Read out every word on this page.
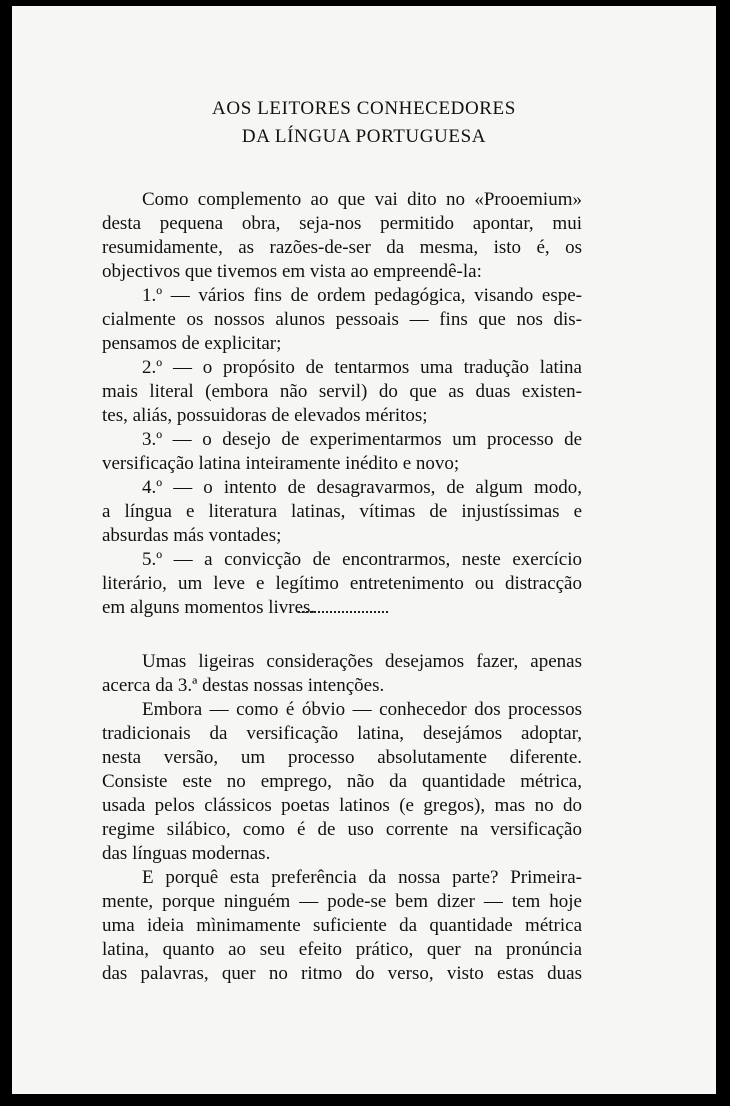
AOS LEITORES CONHECEDORES
DA LÍNGUA PORTUGUESA
Como complemento ao que vai dito no «Prooemium»
desta pequena obra, seja-nos permitido apontar, mui
resumidamente, as razões-de-ser da mesma, isto é, os
objectivos que tivemos em vista ao empreendê-la:
1.º — vários fins de ordem pedagógica, visando espe-
cialmente os nossos alunos pessoais — fins que nos dis-
pensamos de explicitar;
2.º — o propósito de tentarmos uma tradução latina
mais literal (embora não servil) do que as duas existen-
tes, aliás, possuidoras de elevados méritos;
3.º — o desejo de experimentarmos um processo de
versificação latina inteiramente inédito e novo;
4.º — o intento de desagravarmos, de algum modo,
a língua e literatura latinas, vítimas de injustíssimas e
absurdas más vontades;
5.º — a convicção de encontrarmos, neste exercício
literário, um leve e legítimo entretenimento ou distracção
em alguns momentos livres.
Umas ligeiras considerações desejamos fazer, apenas
acerca da 3.ª destas nossas intenções.
Embora — como é óbvio — conhecedor dos processos
tradicionais da versificação latina, desejámos adoptar,
nesta versão, um processo absolutamente diferente.
Consiste este no emprego, não da quantidade métrica,
usada pelos clássicos poetas latinos (e gregos), mas no do
regime silábico, como é de uso corrente na versificação
das línguas modernas.
E porquê esta preferência da nossa parte? Primeira-
mente, porque ninguém — pode-se bem dizer — tem hoje
uma ideia mìnimamente suficiente da quantidade métrica
latina, quanto ao seu efeito prático, quer na pronúncia
das palavras, quer no ritmo do verso, visto estas duas
